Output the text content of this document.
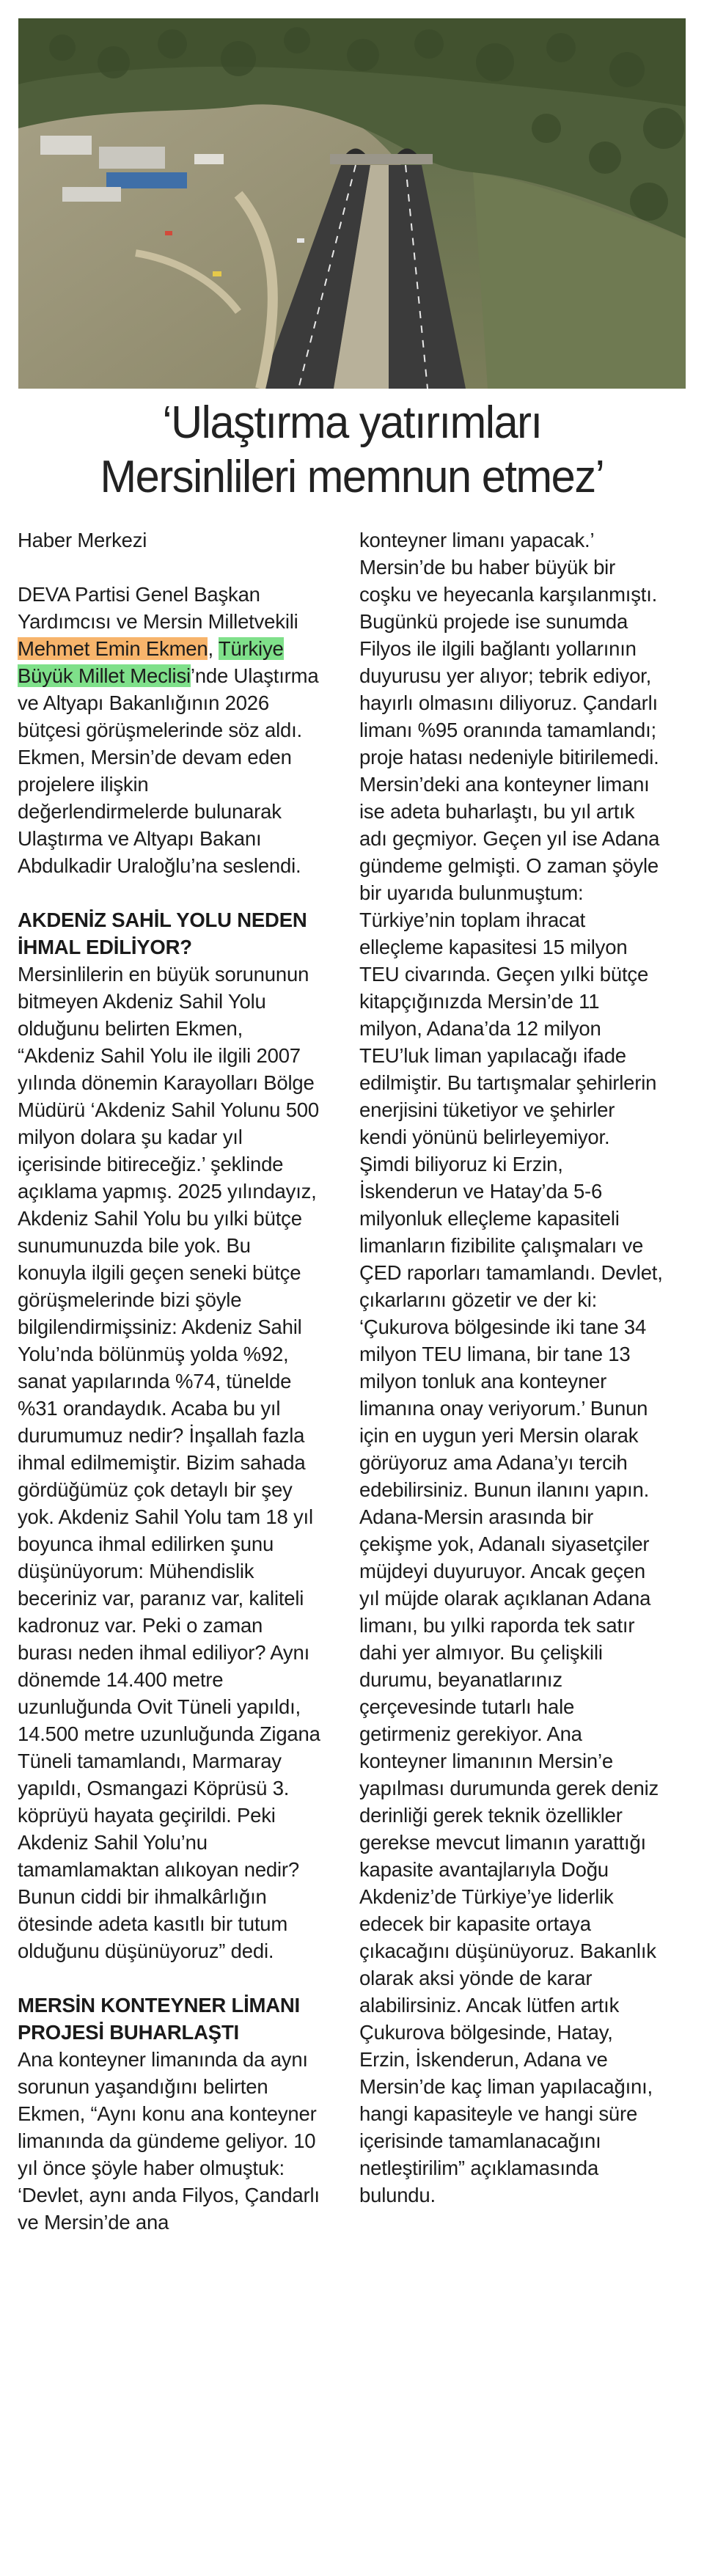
‘Ulaştırma yatırımları
Mersinlileri memnun etmez’

Haber Merkezi

DEVA Partisi Genel Başkan Yardımcısı ve Mersin Milletvekili Mehmet Emin Ekmen, Türkiye Büyük Millet Meclisi’nde Ulaştırma ve Altyapı Bakanlığının 2026 bütçesi görüşmelerinde söz aldı. Ekmen, Mersin’de devam eden projelere ilişkin değerlendirmelerde bulunarak Ulaştırma ve Altyapı Bakanı Abdulkadir Uraloğlu’na seslendi.

AKDENİZ SAHİL YOLU NEDEN İHMAL EDİLİYOR?

Mersinlilerin en büyük sorununun bitmeyen Akdeniz Sahil Yolu olduğunu belirten Ekmen, “Akdeniz Sahil Yolu ile ilgili 2007 yılında dönemin Karayolları Bölge Müdürü ‘Akdeniz Sahil Yolunu 500 milyon dolara şu kadar yıl içerisinde bitireceğiz.’ şeklinde açıklama yapmış. 2025 yılındayız, Akdeniz Sahil Yolu bu yılki bütçe sunumunuzda bile yok. Bu konuyla ilgili geçen seneki bütçe görüşmelerinde bizi şöyle bilgilendirmişsiniz: Akdeniz Sahil Yolu’nda bölünmüş yolda %92, sanat yapılarında %74, tünelde %31 orandaydık. Acaba bu yıl durumumuz nedir? İnşallah fazla ihmal edilmemiştir. Bizim sahada gördüğümüz çok detaylı bir şey yok. Akdeniz Sahil Yolu tam 18 yıl boyunca ihmal edilirken şunu düşünüyorum: Mühendislik beceriniz var, paranız var, kaliteli kadronuz var. Peki o zaman burası neden ihmal ediliyor? Aynı dönemde 14.400 metre uzunluğunda Ovit Tüneli yapıldı, 14.500 metre uzunluğunda Zigana Tüneli tamamlandı, Marmaray yapıldı, Osmangazi Köprüsü 3. köprüyü hayata geçirildi. Peki Akdeniz Sahil Yolu’nu tamamlamaktan alıkoyan nedir? Bunun ciddi bir ihmalkârlığın ötesinde adeta kasıtlı bir tutum olduğunu düşünüyoruz” dedi.

MERSİN KONTEYNER LİMANI PROJESİ BUHARLAŞTI

Ana konteyner limanında da aynı sorunun yaşandığını belirten Ekmen, “Aynı konu ana konteyner limanında da gündeme geliyor. 10 yıl önce şöyle haber olmuştuk: ‘Devlet, aynı anda Filyos, Çandarlı ve Mersin’de ana

konteyner limanı yapacak.’ Mersin’de bu haber büyük bir coşku ve heyecanla karşılanmıştı. Bugünkü projede ise sunumda Filyos ile ilgili bağlantı yollarının duyurusu yer alıyor; tebrik ediyor, hayırlı olmasını diliyoruz. Çandarlı limanı %95 oranında tamamlandı; proje hatası nedeniyle bitirilemedi. Mersin’deki ana konteyner limanı ise adeta buharlaştı, bu yıl artık adı geçmiyor. Geçen yıl ise Adana gündeme gelmişti. O zaman şöyle bir uyarıda bulunmuştum: Türkiye’nin toplam ihracat elleçleme kapasitesi 15 milyon TEU civarında. Geçen yılki bütçe kitapçığınızda Mersin’de 11 milyon, Adana’da 12 milyon TEU’luk liman yapılacağı ifade edilmiştir. Bu tartışmalar şehirlerin enerjisini tüketiyor ve şehirler kendi yönünü belirleyemiyor. Şimdi biliyoruz ki Erzin, İskenderun ve Hatay’da 5-6 milyonluk elleçleme kapasiteli limanların fizibilite çalışmaları ve ÇED raporları tamamlandı. Devlet, çıkarlarını gözetir ve der ki: ‘Çukurova bölgesinde iki tane 34 milyon TEU limana, bir tane 13 milyon tonluk ana konteyner limanına onay veriyorum.’ Bunun için en uygun yeri Mersin olarak görüyoruz ama Adana’yı tercih edebilirsiniz. Bunun ilanını yapın. Adana-Mersin arasında bir çekişme yok, Adanalı siyasetçiler müjdeyi duyuruyor. Ancak geçen yıl müjde olarak açıklanan Adana limanı, bu yılki raporda tek satır dahi yer almıyor. Bu çelişkili durumu, beyanatlarınız çerçevesinde tutarlı hale getirmeniz gerekiyor. Ana konteyner limanının Mersin’e yapılması durumunda gerek deniz derinliği gerek teknik özellikler gerekse mevcut limanın yarattığı kapasite avantajlarıyla Doğu Akdeniz’de Türkiye’ye liderlik edecek bir kapasite ortaya çıkacağını düşünüyoruz. Bakanlık olarak aksi yönde de karar alabilirsiniz. Ancak lütfen artık Çukurova bölgesinde, Hatay, Erzin, İskenderun, Adana ve Mersin’de kaç liman yapılacağını, hangi kapasiteyle ve hangi süre içerisinde tamamlanacağını netleştirilim” açıklamasında bulundu.
